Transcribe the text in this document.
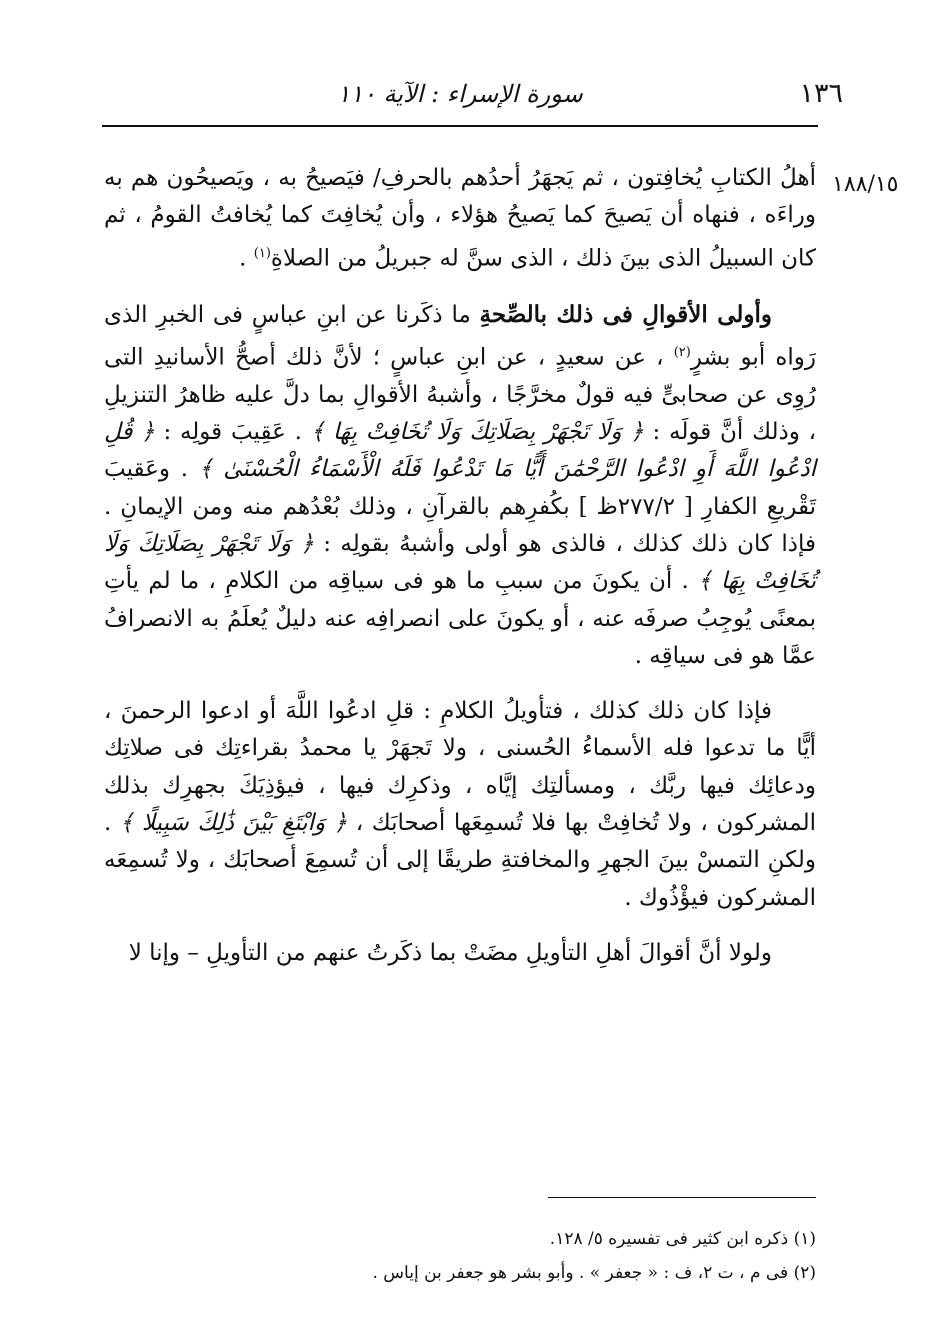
١٣٦
سورة الإسراء : الآية ١١٠
١٨٨/١٥

أهلُ الكتابِ يُخافِتون ، ثم يَجهَرُ أحدُهم بالحرفِ/ فيَصيحُ به ، ويَصيحُون هم به وراءَه ، فنهاه أن يَصيحَ كما يَصيحُ هؤلاء ، وأن يُخافِتَ كما يُخافتُ القومُ ، ثم كان السبيلُ الذى بينَ ذلك ، الذى سنَّ له جبريلُ من الصلاةِ$^{(١)}$ .

وأولى الأقوالِ فى ذلك بالصِّحةِ ما ذكَرنا عن ابنِ عباسٍ فى الخبرِ الذى رَواه أبو بشرٍ$^{(٢)}$ ، عن سعيدٍ ، عن ابنِ عباسٍ ؛ لأنَّ ذلك أصحُّ الأسانيدِ التى رُوِى عن صحابىٍّ فيه قولٌ مخرَّجًا ، وأشبهُ الأقوالِ بما دلَّ عليه ظاهرُ التنزيلِ ، وذلك أنَّ قولَه : ﴿ وَلَا تَجْهَرْ بِصَلَاتِكَ وَلَا تُخَافِتْ بِهَا ﴾ . عَقِيبَ قولِه : ﴿ قُلِ ادْعُوا اللَّهَ أَوِ ادْعُوا الرَّحْمَٰنَ أَيًّا مَا تَدْعُوا فَلَهُ الْأَسْمَاءُ الْحُسْنَىٰ ﴾ . وعَقيبَ تَقْريعِ الكفارِ [ ٢٧٧/٢ظ ] بكُفرِهم بالقرآنِ ، وذلك بُعْدُهم منه ومن الإيمانِ . فإذا كان ذلك كذلك ، فالذى هو أولى وأشبهُ بقولِه : ﴿ وَلَا تَجْهَرْ بِصَلَاتِكَ وَلَا تُخَافِتْ بِهَا ﴾ . أن يكونَ من سببِ ما هو فى سياقِه من الكلامِ ، ما لم يأتِ بمعنًى يُوجِبُ صرفَه عنه ، أو يكونَ على انصرافِه عنه دليلٌ يُعلَمُ به الانصرافُ عمَّا هو فى سياقِه .

فإذا كان ذلك كذلك ، فتأويلُ الكلامِ : قلِ ادعُوا اللَّهَ أو ادعوا الرحمنَ ، أيًّا ما تدعوا فله الأسماءُ الحُسنى ، ولا تَجهَرْ يا محمدُ بقراءتِك فى صلاتِك ودعائِك فيها ربَّك ، ومسألتِك إيَّاه ، وذكرِك فيها ، فيؤذِيَكَ بجهرِك بذلك المشركون ، ولا تُخافِتْ بها فلا تُسمِعَها أصحابَك ، ﴿ وَابْتَغِ بَيْنَ ذَٰلِكَ سَبِيلًا ﴾ . ولكنِ التمسْ بينَ الجهرِ والمخافتةِ طريقًا إلى أن تُسمِعَ أصحابَك ، ولا تُسمِعَه المشركون فيؤْذُوك .

ولولا أنَّ أقوالَ أهلِ التأويلِ مضَتْ بما ذكَرتُ عنهم من التأويلِ – وإنا لا

(١) ذكره ابن كثير فى تفسيره ٥/ ١٢٨.
(٢) فى م ، ت ٢، ف : « جعفر » . وأبو بشر هو جعفر بن إياس .
